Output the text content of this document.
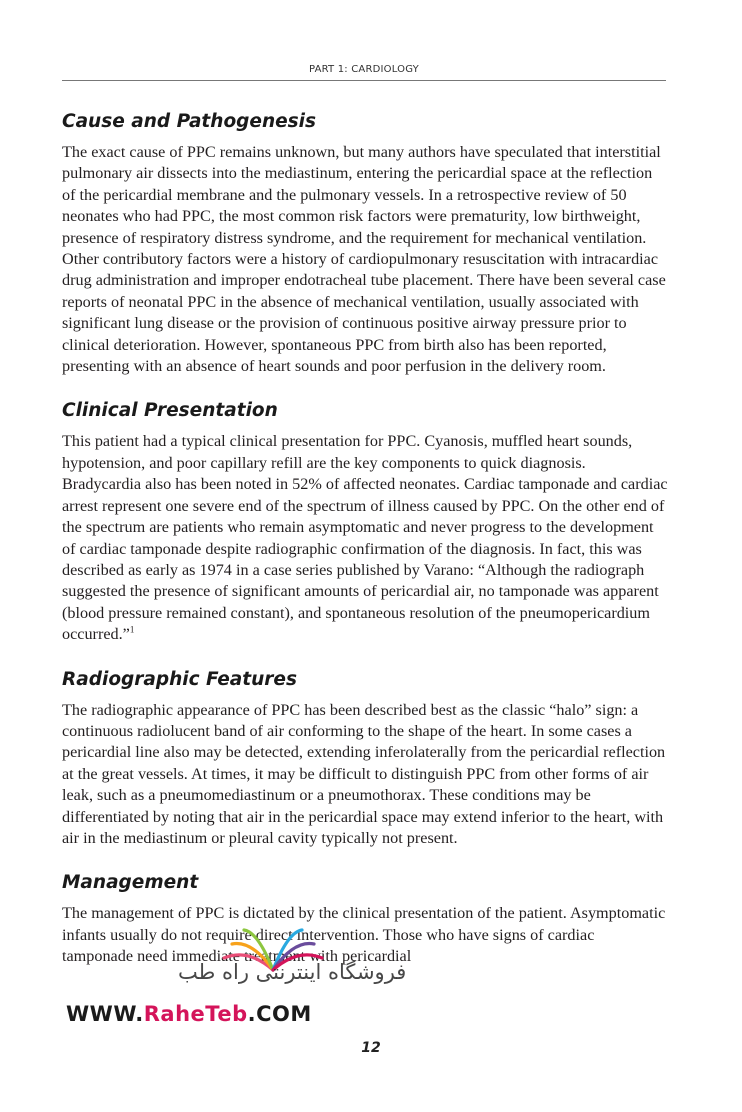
PART 1: CARDIOLOGY
Cause and Pathogenesis

The exact cause of PPC remains unknown, but many authors have speculated that interstitial pulmonary air dissects into the mediastinum, entering the pericardial space at the reflection of the pericardial membrane and the pulmonary vessels. In a retrospective review of 50 neonates who had PPC, the most common risk factors were prematurity, low birthweight, presence of respiratory distress syndrome, and the requirement for mechanical ventilation. Other contributory factors were a history of cardiopulmonary resuscitation with intracardiac drug administration and improper endotracheal tube placement. There have been several case reports of neonatal PPC in the absence of mechanical ventilation, usually associated with significant lung disease or the provision of continuous positive airway pressure prior to clinical deterioration. However, spontaneous PPC from birth also has been reported, presenting with an absence of heart sounds and poor perfusion in the delivery room.

Clinical Presentation

This patient had a typical clinical presentation for PPC. Cyanosis, muffled heart sounds, hypotension, and poor capillary refill are the key components to quick diagnosis. Bradycardia also has been noted in 52% of affected neonates. Cardiac tamponade and cardiac arrest represent one severe end of the spectrum of illness caused by PPC. On the other end of the spectrum are patients who remain asymptomatic and never progress to the development of cardiac tamponade despite radiographic confirmation of the diagnosis. In fact, this was described as early as 1974 in a case series published by Varano: “Although the radiograph suggested the presence of significant amounts of pericardial air, no tamponade was apparent (blood pressure remained constant), and spontaneous resolution of the pneumopericardium occurred.”$^1$

Radiographic Features

The radiographic appearance of PPC has been described best as the classic “halo” sign: a continuous radiolucent band of air conforming to the shape of the heart. In some cases a pericardial line also may be detected, extending inferolaterally from the pericardial reflection at the great vessels. At times, it may be difficult to distinguish PPC from other forms of air leak, such as a pneumomediastinum or a pneumothorax. These conditions may be differentiated by noting that air in the pericardial space may extend inferior to the heart, with air in the mediastinum or pleural cavity typically not present.

Management

The management of PPC is dictated by the clinical presentation of the patient. Asymptomatic infants usually do not require direct intervention. Those who have signs of cardiac tamponade need immediate treatment with pericardial

فروشگاه اینترنتی راه طب
WWW.RaheTeb.COM
12
